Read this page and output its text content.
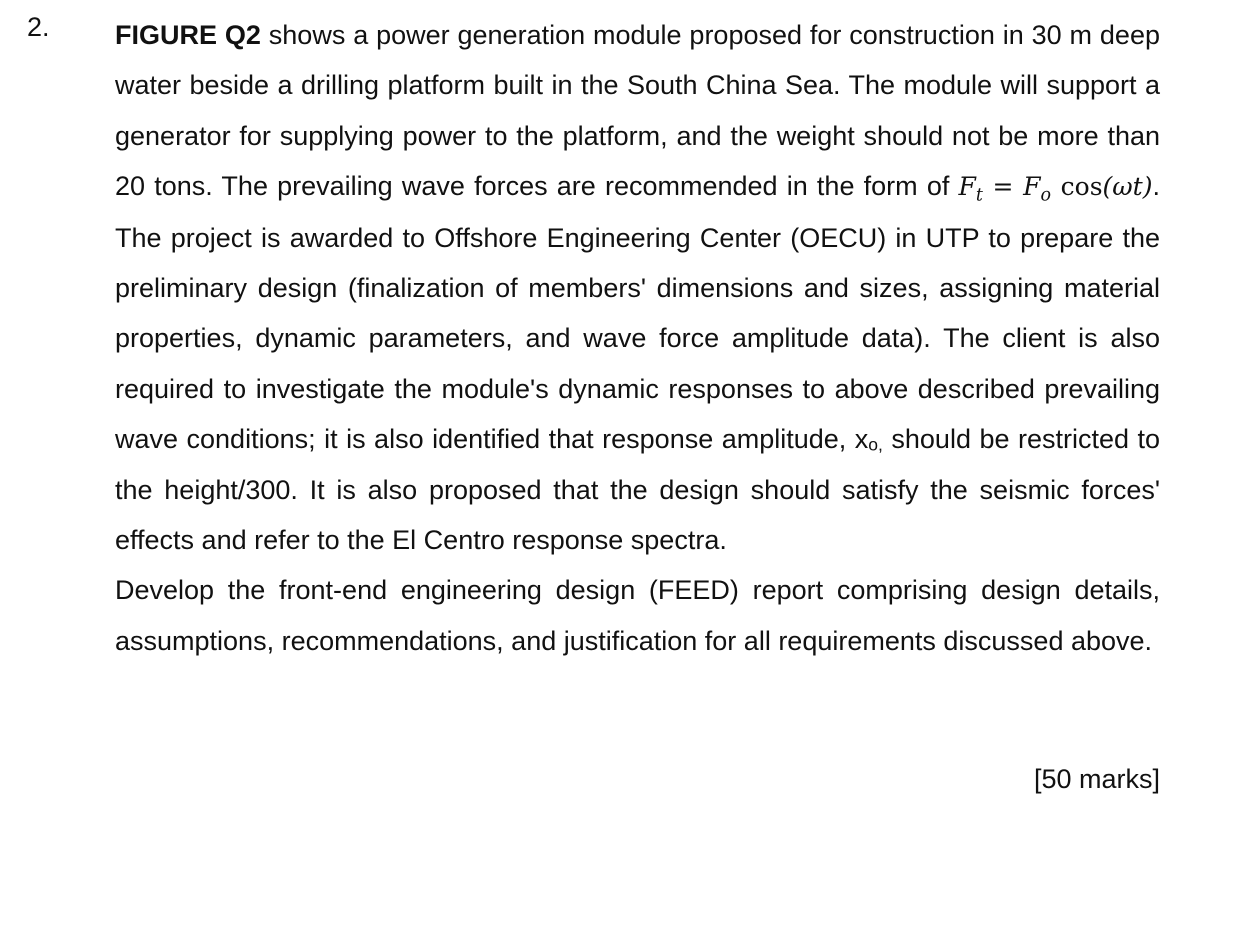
2. FIGURE Q2 shows a power generation module proposed for construction in 30 m deep water beside a drilling platform built in the South China Sea. The module will support a generator for supplying power to the platform, and the weight should not be more than 20 tons. The prevailing wave forces are recommended in the form of $F_t = F_o$ cos(ωt). The project is awarded to Offshore Engineering Center (OECU) in UTP to prepare the preliminary design (finalization of members' dimensions and sizes, assigning material properties, dynamic parameters, and wave force amplitude data). The client is also required to investigate the module's dynamic responses to above described prevailing wave conditions; it is also identified that response amplitude, xo, should be restricted to the height/300. It is also proposed that the design should satisfy the seismic forces' effects and refer to the El Centro response spectra.

Develop the front-end engineering design (FEED) report comprising design details, assumptions, recommendations, and justification for all requirements discussed above.

[50 marks]
